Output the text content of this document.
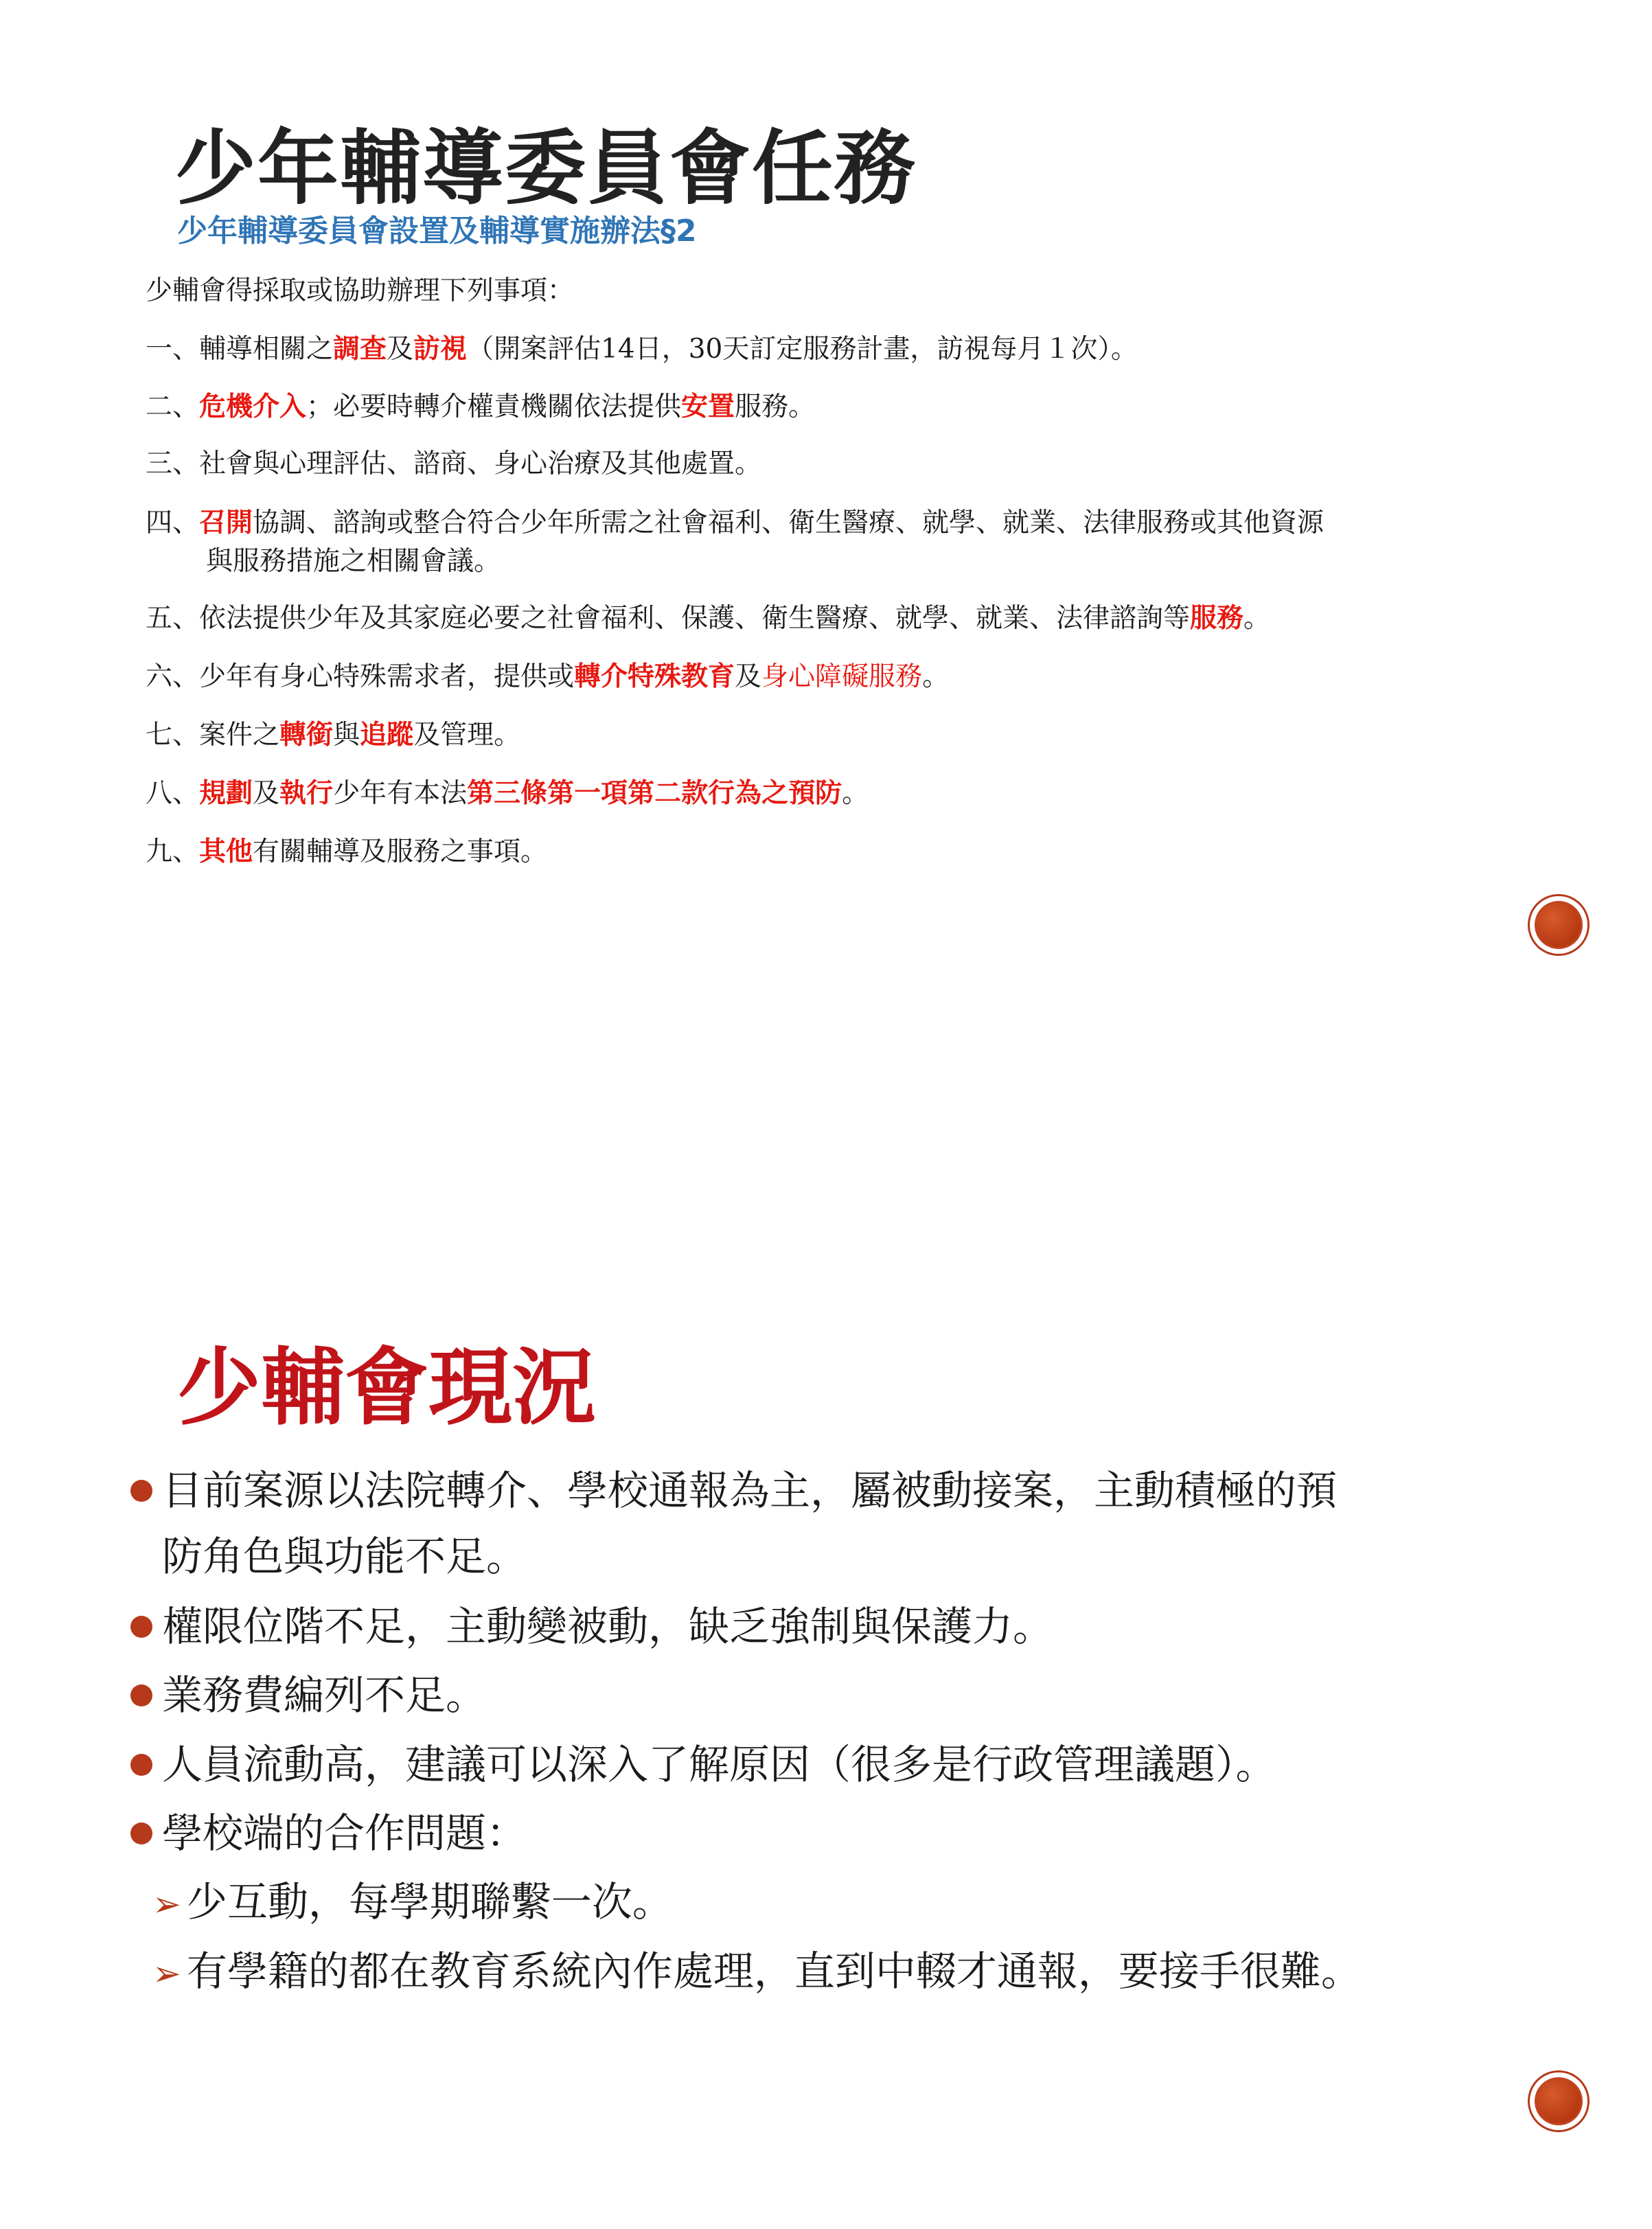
少年輔導委員會任務
少年輔導委員會設置及輔導實施辦法§2
少輔會得採取或協助辦理下列事項：
一、輔導相關之調查及訪視（開案評估14日，30天訂定服務計畫，訪視每月１次）。
二、危機介入；必要時轉介權責機關依法提供安置服務。
三、社會與心理評估、諮商、身心治療及其他處置。
四、召開協調、諮詢或整合符合少年所需之社會福利、衛生醫療、就學、就業、法律服務或其他資源
與服務措施之相關會議。
五、依法提供少年及其家庭必要之社會福利、保護、衛生醫療、就學、就業、法律諮詢等服務。
六、少年有身心特殊需求者，提供或轉介特殊教育及身心障礙服務。
七、案件之轉銜與追蹤及管理。
八、規劃及執行少年有本法第三條第一項第二款行為之預防。
九、其他有關輔導及服務之事項。
少輔會現況
目前案源以法院轉介、學校通報為主，屬被動接案，主動積極的預
防角色與功能不足。
權限位階不足，主動變被動，缺乏強制與保護力。
業務費編列不足。
人員流動高，建議可以深入了解原因（很多是行政管理議題）。
學校端的合作問題：
➢ 少互動，每學期聯繫一次。
➢ 有學籍的都在教育系統內作處理，直到中輟才通報，要接手很難。
